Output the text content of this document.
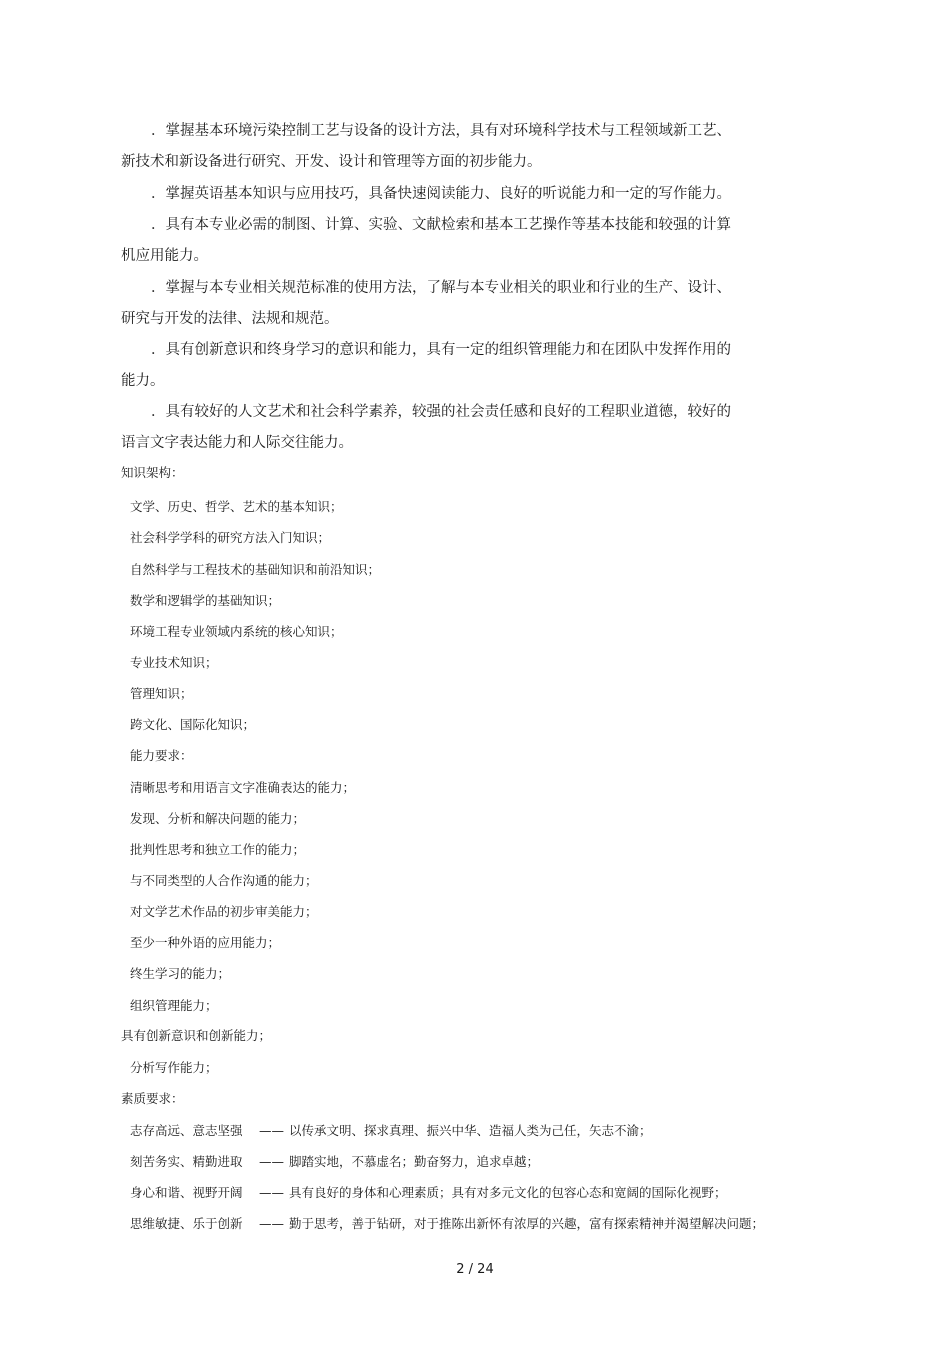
．掌握基本环境污染控制工艺与设备的设计方法，具有对环境科学技术与工程领域新工艺、
新技术和新设备进行研究、开发、设计和管理等方面的初步能力。
．掌握英语基本知识与应用技巧，具备快速阅读能力、良好的听说能力和一定的写作能力。
．具有本专业必需的制图、计算、实验、文献检索和基本工艺操作等基本技能和较强的计算
机应用能力。
．掌握与本专业相关规范标准的使用方法，了解与本专业相关的职业和行业的生产、设计、
研究与开发的法律、法规和规范。
．具有创新意识和终身学习的意识和能力，具有一定的组织管理能力和在团队中发挥作用的
能力。
．具有较好的人文艺术和社会科学素养，较强的社会责任感和良好的工程职业道德，较好的
语言文字表达能力和人际交往能力。
知识架构：
文学、历史、哲学、艺术的基本知识；
社会科学学科的研究方法入门知识；
自然科学与工程技术的基础知识和前沿知识；
数学和逻辑学的基础知识；
环境工程专业领域内系统的核心知识；
专业技术知识；
管理知识；
跨文化、国际化知识；
能力要求：
清晰思考和用语言文字准确表达的能力；
发现、分析和解决问题的能力；
批判性思考和独立工作的能力；
与不同类型的人合作沟通的能力；
对文学艺术作品的初步审美能力；
至少一种外语的应用能力；
终生学习的能力；
组织管理能力；
具有创新意识和创新能力；
分析写作能力；
素质要求：
志存高远、意志坚强 —— 以传承文明、探求真理、振兴中华、造福人类为己任，矢志不渝；
刻苦务实、精勤进取 —— 脚踏实地，不慕虚名；勤奋努力，追求卓越；
身心和谐、视野开阔 —— 具有良好的身体和心理素质；具有对多元文化的包容心态和宽阔的国际化视野；
思维敏捷、乐于创新 —— 勤于思考，善于钻研，对于推陈出新怀有浓厚的兴趣，富有探索精神并渴望解决问题；
2 / 24
